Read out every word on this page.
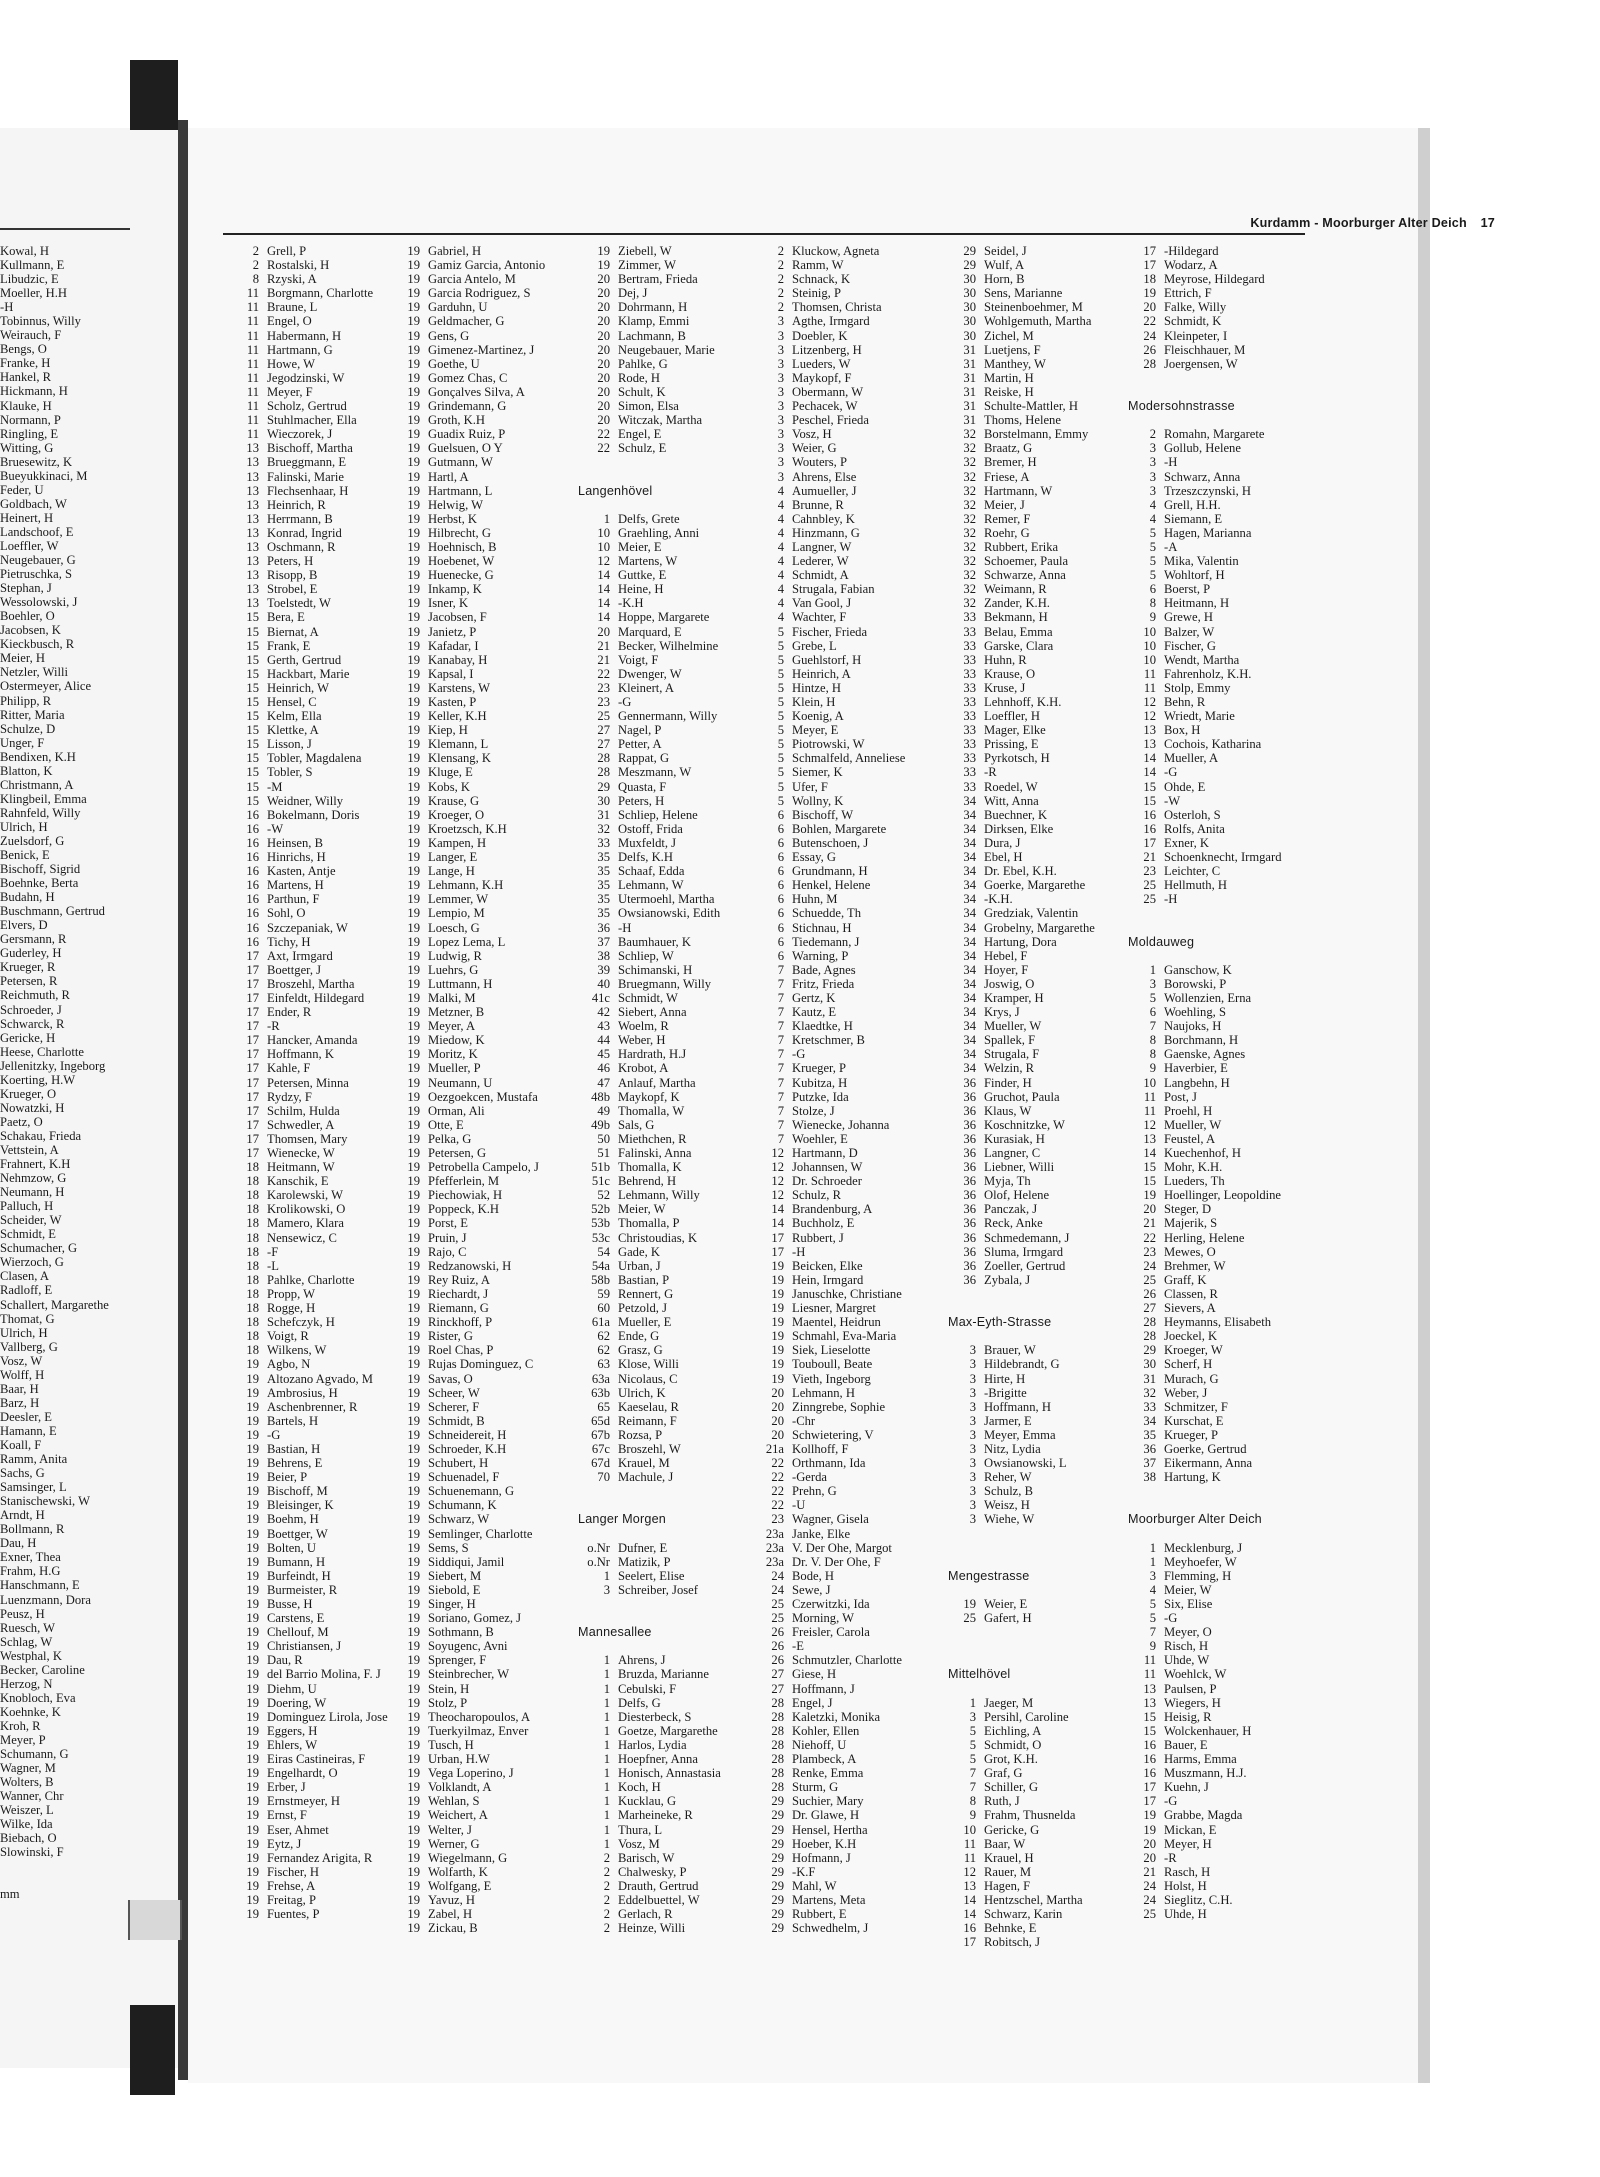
Kowal, H
Kullmann, E
Libudzic, E
Moeller, H.H
-H
Tobinnus, Willy
Weirauch, F
Bengs, O
Franke, H
Hankel, R
Hickmann, H
Klauke, H
Normann, P
Ringling, E
Witting, G
Bruesewitz, K
Bueyukkinaci, M
Feder, U
Goldbach, W
Heinert, H
Landschoof, E
Loeffler, W
Neugebauer, G
Pietruschka, S
Stephan, J
Wessolowski, J
Boehler, O
Jacobsen, K
Kieckbusch, R
Meier, H
Netzler, Willi
Ostermeyer, Alice
Philipp, R
Ritter, Maria
Schulze, D
Unger, F
Bendixen, K.H
Blatton, K
Christmann, A
Klingbeil, Emma
Rahnfeld, Willy
Ulrich, H
Zuelsdorf, G
Benick, E
Bischoff, Sigrid
Boehnke, Berta
Budahn, H
Buschmann, Gertrud
Elvers, D
Gersmann, R
Guderley, H
Krueger, R
Petersen, R
Reichmuth, R
Schroeder, J
Schwarck, R
Gericke, H
Heese, Charlotte
Jellenitzky, Ingeborg
Koerting, H.W
Krueger, O
Nowatzki, H
Paetz, O
Schakau, Frieda
Vettstein, A
Frahnert, K.H
Nehmzow, G
Neumann, H
Palluch, H
Scheider, W
Schmidt, E
Schumacher, G
Wierzoch, G
Clasen, A
Radloff, E
Schallert, Margarethe
Thomat, G
Ulrich, H
Vallberg, G
Vosz, W
Wolff, H
Baar, H
Barz, H
Deesler, E
Hamann, E
Koall, F
Ramm, Anita
Sachs, G
Samsinger, L
Stanischewski, W
Arndt, H
Bollmann, R
Dau, H
Exner, Thea
Frahm, H.G
Hanschmann, E
Luenzmann, Dora
Peusz, H
Ruesch, W
Schlag, W
Westphal, K
Becker, Caroline
Herzog, N
Knobloch, Eva
Koehnke, K
Kroh, R
Meyer, P
Schumann, G
Wagner, M
Wolters, B
Wanner, Chr
Weiszer, L
Wilke, Ida
Biebach, O
Slowinski, F
mm
Kurdamm - Moorburger Alter Deich 17
2 Grell, P
2 Rostalski, H
8 Rzyski, A
11 Borgmann, Charlotte
11 Braune, L
11 Engel, O
11 Habermann, H
11 Hartmann, G
11 Howe, W
11 Jegodzinski, W
11 Meyer, F
11 Scholz, Gertrud
11 Stuhlmacher, Ella
11 Wieczorek, J
13 Bischoff, Martha
13 Brueggmann, E
13 Falinski, Marie
13 Flechsenhaar, H
13 Heinrich, R
13 Herrmann, B
13 Konrad, Ingrid
13 Oschmann, R
13 Peters, H
13 Risopp, B
13 Strobel, E
13 Toelstedt, W
15 Bera, E
15 Biernat, A
15 Frank, E
15 Gerth, Gertrud
15 Hackbart, Marie
15 Heinrich, W
15 Hensel, C
15 Kelm, Ella
15 Klettke, A
15 Lisson, J
15 Tobler, Magdalena
15 Tobler, S
15 -M
15 Weidner, Willy
16 Bokelmann, Doris
16 -W
16 Heinsen, B
16 Hinrichs, H
16 Kasten, Antje
16 Martens, H
16 Parthun, F
16 Sohl, O
16 Szczepaniak, W
16 Tichy, H
17 Axt, Irmgard
17 Boettger, J
17 Broszehl, Martha
17 Einfeldt, Hildegard
17 Ender, R
17 -R
17 Hancker, Amanda
17 Hoffmann, K
17 Kahle, F
17 Petersen, Minna
17 Rydzy, F
17 Schilm, Hulda
17 Schwedler, A
17 Thomsen, Mary
17 Wienecke, W
18 Heitmann, W
18 Kanschik, E
18 Karolewski, W
18 Krolikowski, O
18 Mamero, Klara
18 Nensewicz, C
18 -F
18 -L
18 Pahlke, Charlotte
18 Propp, W
18 Rogge, H
18 Schefczyk, H
18 Voigt, R
18 Wilkens, W
19 Agbo, N
19 Altozano Agvado, M
19 Ambrosius, H
19 Aschenbrenner, R
19 Bartels, H
19 -G
19 Bastian, H
19 Behrens, E
19 Beier, P
19 Bischoff, M
19 Bleisinger, K
19 Boehm, H
19 Boettger, W
19 Bolten, U
19 Bumann, H
19 Burfeindt, H
19 Burmeister, R
19 Busse, H
19 Carstens, E
19 Chellouf, M
19 Christiansen, J
19 Dau, R
19 del Barrio Molina, F. J
19 Diehm, U
19 Doering, W
19 Dominguez Lirola, Jose
19 Eggers, H
19 Ehlers, W
19 Eiras Castineiras, F
19 Engelhardt, O
19 Erber, J
19 Ernstmeyer, H
19 Ernst, F
19 Eser, Ahmet
19 Eytz, J
19 Fernandez Arigita, R
19 Fischer, H
19 Frehse, A
19 Freitag, P
19 Fuentes, P
19 Gabriel, H
19 Gamiz Garcia, Antonio
19 Garcia Antelo, M
19 Garcia Rodriguez, S
19 Garduhn, U
19 Geldmacher, G
19 Gens, G
19 Gimenez-Martinez, J
19 Goethe, U
19 Gomez Chas, C
19 Gonçalves Silva, A
19 Grindemann, G
19 Groth, K.H
19 Guadix Ruiz, P
19 Guelsuen, O Y
19 Gutmann, W
19 Hartl, A
19 Hartmann, L
19 Helwig, W
19 Herbst, K
19 Hilbrecht, G
19 Hoehnisch, B
19 Hoebenet, W
19 Huenecke, G
19 Inkamp, K
19 Isner, K
19 Jacobsen, F
19 Janietz, P
19 Kafadar, I
19 Kanabay, H
19 Kapsal, I
19 Karstens, W
19 Kasten, P
19 Keller, K.H
19 Kiep, H
19 Klemann, L
19 Klensang, K
19 Kluge, E
19 Kobs, K
19 Krause, G
19 Kroeger, O
19 Kroetzsch, K.H
19 Kampen, H
19 Langer, E
19 Lange, H
19 Lehmann, K.H
19 Lemmer, W
19 Lempio, M
19 Loesch, G
19 Lopez Lema, L
19 Ludwig, R
19 Luehrs, G
19 Luttmann, H
19 Malki, M
19 Metzner, B
19 Meyer, A
19 Miedow, K
19 Moritz, K
19 Mueller, P
19 Neumann, U
19 Oezgoekcen, Mustafa
19 Orman, Ali
19 Otte, E
19 Pelka, G
19 Petersen, G
19 Petrobella Campelo, J
19 Pfefferlein, M
19 Piechowiak, H
19 Poppeck, K.H
19 Porst, E
19 Pruin, J
19 Rajo, C
19 Redzanowski, H
19 Rey Ruiz, A
19 Riechardt, J
19 Riemann, G
19 Rinckhoff, P
19 Rister, G
19 Roel Chas, P
19 Rujas Dominguez, C
19 Savas, O
19 Scheer, W
19 Scherer, F
19 Schmidt, B
19 Schneidereit, H
19 Schroeder, K.H
19 Schubert, H
19 Schuenadel, F
19 Schuenemann, G
19 Schumann, K
19 Schwarz, W
19 Semlinger, Charlotte
19 Sems, S
19 Siddiqui, Jamil
19 Siebert, M
19 Siebold, E
19 Singer, H
19 Soriano, Gomez, J
19 Sothmann, B
19 Soyugenc, Avni
19 Sprenger, F
19 Steinbrecher, W
19 Stein, H
19 Stolz, P
19 Theocharopoulos, A
19 Tuerkyilmaz, Enver
19 Tusch, H
19 Urban, H.W
19 Vega Loperino, J
19 Volklandt, A
19 Wehlan, S
19 Weichert, A
19 Welter, J
19 Werner, G
19 Wiegelmann, G
19 Wolfarth, K
19 Wolfgang, E
19 Yavuz, H
19 Zabel, H
19 Zickau, B
19 Ziebell, W
19 Zimmer, W
20 Bertram, Frieda
20 Dej, J
20 Dohrmann, H
20 Klamp, Emmi
20 Lachmann, B
20 Neugebauer, Marie
20 Pahlke, G
20 Rode, H
20 Schult, K
20 Simon, Elsa
20 Witczak, Martha
22 Engel, E
22 Schulz, E
Langenhövel
1 Delfs, Grete
10 Graehling, Anni
10 Meier, E
12 Martens, W
14 Guttke, E
14 Heine, H
14 -K.H
14 Hoppe, Margarete
20 Marquard, E
21 Becker, Wilhelmine
21 Voigt, F
22 Dwenger, W
23 Kleinert, A
23 -G
25 Gennermann, Willy
27 Nagel, P
27 Petter, A
28 Rappat, G
28 Meszmann, W
29 Quasta, F
30 Peters, H
31 Schliep, Helene
32 Ostoff, Frida
33 Muxfeldt, J
35 Delfs, K.H
35 Schaaf, Edda
35 Lehmann, W
35 Utermoehl, Martha
35 Owsianowski, Edith
36 -H
37 Baumhauer, K
38 Schliep, W
39 Schimanski, H
40 Bruegmann, Willy
41c Schmidt, W
42 Siebert, Anna
43 Woelm, R
44 Weber, H
45 Hardrath, H.J
46 Krobot, A
47 Anlauf, Martha
48b Maykopf, K
49 Thomalla, W
49b Sals, G
50 Miethchen, R
51 Falinski, Anna
51b Thomalla, K
51c Behrend, H
52 Lehmann, Willy
52b Meier, W
53b Thomalla, P
53c Christoudias, K
54 Gade, K
54a Urban, J
58b Bastian, P
59 Rennert, G
60 Petzold, J
61a Mueller, E
62 Ende, G
62 Grasz, G
63 Klose, Willi
63a Nicolaus, C
63b Ulrich, K
65 Kaeselau, R
65d Reimann, F
67b Rozsa, P
67c Broszehl, W
67d Krauel, M
70 Machule, J
Langer Morgen
o.Nr Dufner, E
o.Nr Matizik, P
1 Seelert, Elise
3 Schreiber, Josef
Mannesallee
1 Ahrens, J
1 Bruzda, Marianne
1 Cebulski, F
1 Delfs, G
1 Diesterbeck, S
1 Goetze, Margarethe
1 Harlos, Lydia
1 Hoepfner, Anna
1 Honisch, Annastasia
1 Koch, H
1 Kucklau, G
1 Marheineke, R
1 Thura, L
1 Vosz, M
2 Barisch, W
2 Chalwesky, P
2 Drauth, Gertrud
2 Eddelbuettel, W
2 Gerlach, R
2 Heinze, Willi
2 Kluckow, Agneta
2 Ramm, W
2 Schnack, K
2 Steinig, P
2 Thomsen, Christa
3 Agthe, Irmgard
3 Doebler, K
3 Litzenberg, H
3 Lueders, W
3 Maykopf, F
3 Obermann, W
3 Pechacek, W
3 Peschel, Frieda
3 Vosz, H
3 Weier, G
3 Wouters, P
3 Ahrens, Else
4 Aumueller, J
4 Brunne, R
4 Cahnbley, K
4 Hinzmann, G
4 Langner, W
4 Lederer, W
4 Schmidt, A
4 Strugala, Fabian
4 Van Gool, J
4 Wachter, F
5 Fischer, Frieda
5 Grebe, L
5 Guehlstorf, H
5 Heinrich, A
5 Hintze, H
5 Klein, H
5 Koenig, A
5 Meyer, E
5 Piotrowski, W
5 Schmalfeld, Anneliese
5 Siemer, K
5 Ufer, F
5 Wollny, K
6 Bischoff, W
6 Bohlen, Margarete
6 Butenschoen, J
6 Essay, G
6 Grundmann, H
6 Henkel, Helene
6 Huhn, M
6 Schuedde, Th
6 Stichnau, H
6 Tiedemann, J
6 Warning, P
7 Bade, Agnes
7 Fritz, Frieda
7 Gertz, K
7 Kautz, E
7 Klaedtke, H
7 Kretschmer, B
7 -G
7 Krueger, P
7 Kubitza, H
7 Putzke, Ida
7 Stolze, J
7 Wienecke, Johanna
7 Woehler, E
12 Hartmann, D
12 Johannsen, W
12 Dr. Schroeder
12 Schulz, R
14 Brandenburg, A
14 Buchholz, E
17 Rubbert, J
17 -H
19 Beicken, Elke
19 Hein, Irmgard
19 Januschke, Christiane
19 Liesner, Margret
19 Maentel, Heidrun
19 Schmahl, Eva-Maria
19 Siek, Lieselotte
19 Touboull, Beate
19 Vieth, Ingeborg
20 Lehmann, H
20 Zinngrebe, Sophie
20 -Chr
20 Schwietering, V
21a Kollhoff, F
22 Orthmann, Ida
22 -Gerda
22 Prehn, G
22 -U
23 Wagner, Gisela
23a Janke, Elke
23a V. Der Ohe, Margot
23a Dr. V. Der Ohe, F
24 Bode, H
24 Sewe, J
25 Czerwitzki, Ida
25 Morning, W
26 Freisler, Carola
26 -E
26 Schmutzler, Charlotte
27 Giese, H
27 Hoffmann, J
28 Engel, J
28 Kaletzki, Monika
28 Kohler, Ellen
28 Niehoff, U
28 Plambeck, A
28 Renke, Emma
28 Sturm, G
29 Suchier, Mary
29 Dr. Glawe, H
29 Hensel, Hertha
29 Hoeber, K.H
29 Hofmann, J
29 -K.F
29 Mahl, W
29 Martens, Meta
29 Rubbert, E
29 Schwedhelm, J
29 Seidel, J
29 Wulf, A
30 Horn, B
30 Sens, Marianne
30 Steinenboehmer, M
30 Wohlgemuth, Martha
30 Zichel, M
31 Luetjens, F
31 Manthey, W
31 Martin, H
31 Reiske, H
31 Schulte-Mattler, H
31 Thoms, Helene
32 Borstelmann, Emmy
32 Braatz, G
32 Bremer, H
32 Friese, A
32 Hartmann, W
32 Meier, J
32 Remer, F
32 Roehr, G
32 Rubbert, Erika
32 Schoemer, Paula
32 Schwarze, Anna
32 Weimann, R
32 Zander, K.H.
33 Bekmann, H
33 Belau, Emma
33 Garske, Clara
33 Huhn, R
33 Krause, O
33 Kruse, J
33 Lehnhoff, K.H.
33 Loeffler, H
33 Mager, Elke
33 Prissing, E
33 Pyrkotsch, H
33 -R
33 Roedel, W
34 Witt, Anna
34 Buechner, K
34 Dirksen, Elke
34 Dura, J
34 Ebel, H
34 Dr. Ebel, K.H.
34 Goerke, Margarethe
34 -K.H.
34 Gredziak, Valentin
34 Grobelny, Margarethe
34 Hartung, Dora
34 Hebel, F
34 Hoyer, F
34 Joswig, O
34 Kramper, H
34 Krys, J
34 Mueller, W
34 Spallek, F
34 Strugala, F
34 Welzin, R
36 Finder, H
36 Gruchot, Paula
36 Klaus, W
36 Koschnitzke, W
36 Kurasiak, H
36 Langner, C
36 Liebner, Willi
36 Myja, Th
36 Olof, Helene
36 Panczak, J
36 Reck, Anke
36 Schmedemann, J
36 Sluma, Irmgard
36 Zoeller, Gertrud
36 Zybala, J
Max-Eyth-Strasse
3 Brauer, W
3 Hildebrandt, G
3 Hirte, H
3 -Brigitte
3 Hoffmann, H
3 Jarmer, E
3 Meyer, Emma
3 Nitz, Lydia
3 Owsianowski, L
3 Reher, W
3 Schulz, B
3 Weisz, H
3 Wiehe, W
Mengestrasse
19 Weier, E
25 Gafert, H
Mittelhövel
1 Jaeger, M
3 Persihl, Caroline
5 Eichling, A
5 Schmidt, O
5 Grot, K.H.
7 Graf, G
7 Schiller, G
8 Ruth, J
9 Frahm, Thusnelda
10 Gericke, G
11 Baar, W
11 Krauel, H
12 Rauer, M
13 Hagen, F
14 Hentzschel, Martha
14 Schwarz, Karin
16 Behnke, E
17 Robitsch, J
17 -Hildegard
17 Wodarz, A
18 Meyrose, Hildegard
19 Ettrich, F
20 Falke, Willy
22 Schmidt, K
24 Kleinpeter, I
26 Fleischhauer, M
28 Joergensen, W
Modersohnstrasse
2 Romahn, Margarete
3 Gollub, Helene
3 -H
3 Schwarz, Anna
3 Trzeszczynski, H
4 Grell, H.H.
4 Siemann, E
5 Hagen, Marianna
5 -A
5 Mika, Valentin
5 Wohltorf, H
6 Boerst, P
8 Heitmann, H
9 Grewe, H
10 Balzer, W
10 Fischer, G
10 Wendt, Martha
11 Fahrenholz, K.H.
11 Stolp, Emmy
12 Behn, R
12 Wriedt, Marie
13 Box, H
13 Cochois, Katharina
14 Mueller, A
14 -G
15 Ohde, E
15 -W
16 Osterloh, S
16 Rolfs, Anita
17 Exner, K
21 Schoenknecht, Irmgard
23 Leichter, C
25 Hellmuth, H
25 -H
Moldauweg
1 Ganschow, K
3 Borowski, P
5 Wollenzien, Erna
6 Woehling, S
7 Naujoks, H
8 Borchmann, H
8 Gaenske, Agnes
9 Haverbier, E
10 Langbehn, H
11 Post, J
11 Proehl, H
12 Mueller, W
13 Feustel, A
14 Kuechenhof, H
15 Mohr, K.H.
15 Lueders, Th
19 Hoellinger, Leopoldine
20 Steger, D
21 Majerik, S
22 Herling, Helene
23 Mewes, O
24 Brehmer, W
25 Graff, K
26 Classen, R
27 Sievers, A
28 Heymanns, Elisabeth
28 Joeckel, K
29 Kroeger, W
30 Scherf, H
31 Murach, G
32 Weber, J
33 Schmitzer, F
34 Kurschat, E
35 Krueger, P
36 Goerke, Gertrud
37 Eikermann, Anna
38 Hartung, K
Moorburger Alter Deich
1 Mecklenburg, J
1 Meyhoefer, W
3 Flemming, H
4 Meier, W
5 Six, Elise
5 -G
7 Meyer, O
9 Risch, H
11 Uhde, W
11 Woehlck, W
13 Paulsen, P
13 Wiegers, H
15 Heisig, R
15 Wolckenhauer, H
16 Bauer, E
16 Harms, Emma
16 Muszmann, H.J.
17 Kuehn, J
17 -G
19 Grabbe, Magda
19 Mickan, E
20 Meyer, H
20 -R
21 Rasch, H
24 Holst, H
24 Sieglitz, C.H.
25 Uhde, H
